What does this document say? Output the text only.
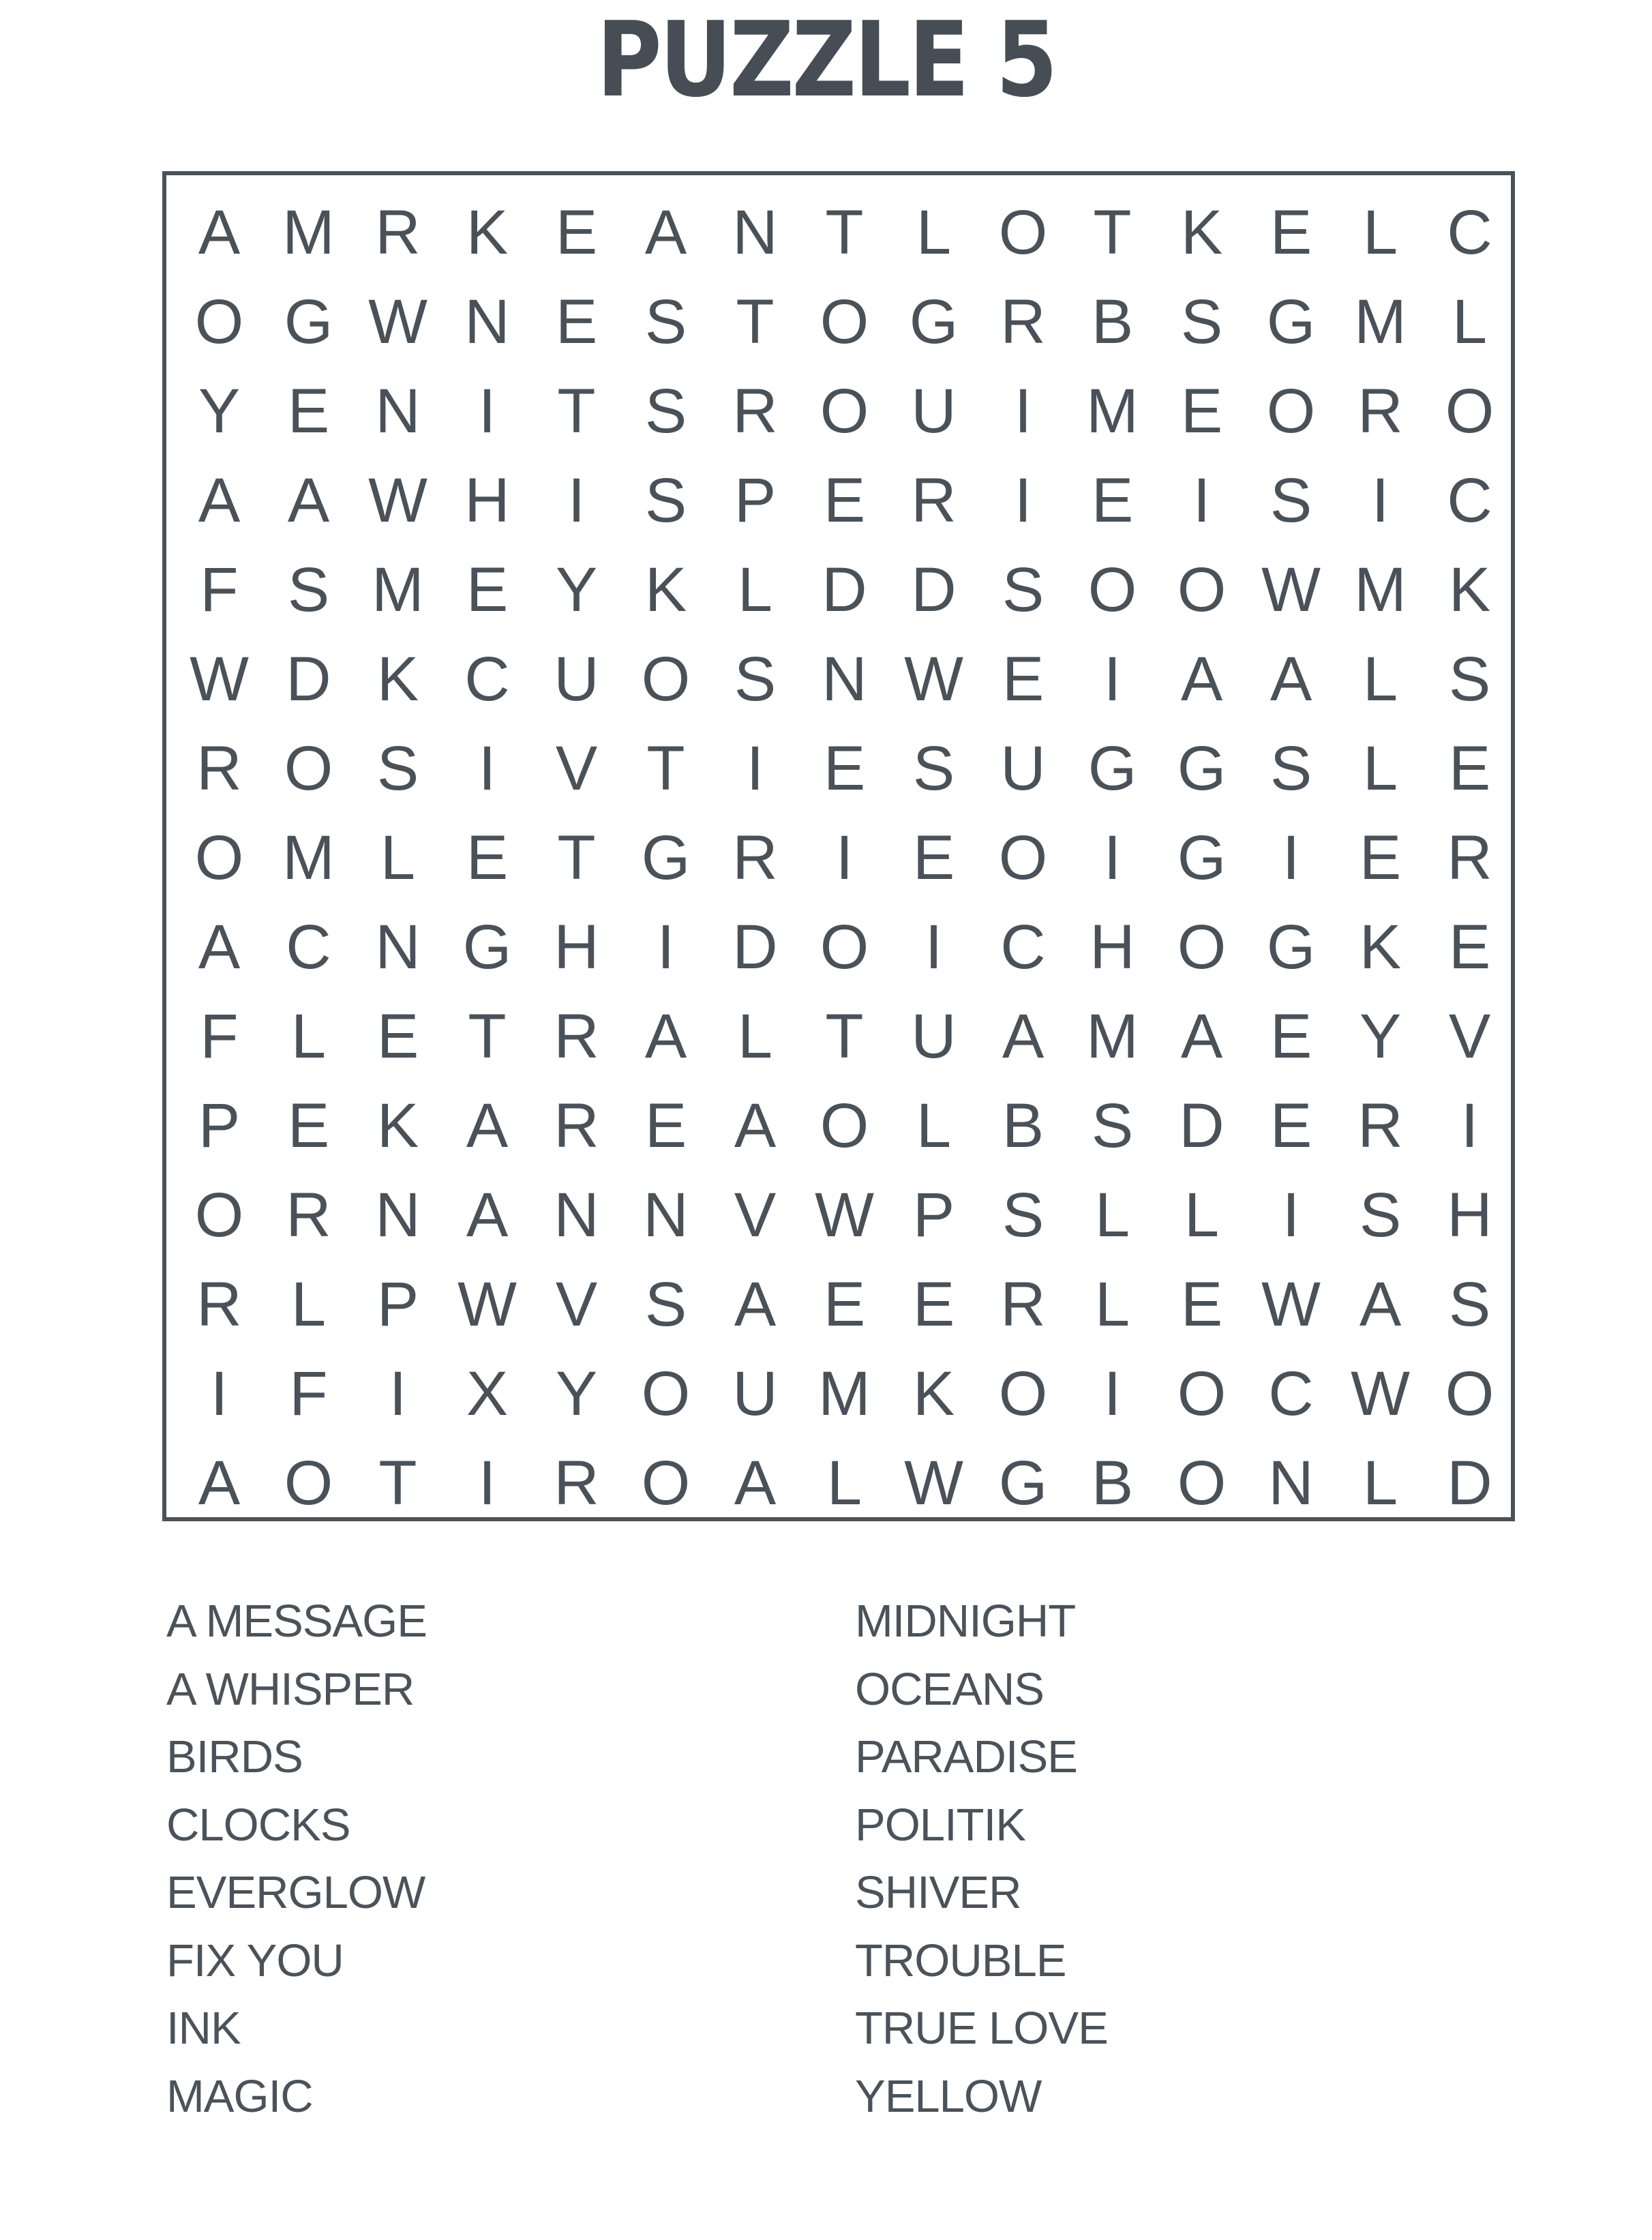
PUZZLE 5
A M R K E A N T L O T K E L C
O G W N E S T O G R B S G M L
Y E N I T S R O U I M E O R O
A A W H I S P E R I E I S I C
F S M E Y K L D D S O O W M K
W D K C U O S N W E I A A L S
R O S I V T I E S U G G S L E
O M L E T G R I E O I G I E R
A C N G H I D O I C H O G K E
F L E T R A L T U A M A E Y V
P E K A R E A O L B S D E R I
O R N A N N V W P S L L	I S H
R L P W V S A E E R L E W A S
I F I X Y O U M K O I O C W O
A O T I R O A L W G B O N L D
A MESSAGE
A WHISPER
BIRDS
CLOCKS
EVERGLOW
FIX YOU
INK
MAGIC
MIDNIGHT
OCEANS
PARADISE
POLITIK
SHIVER
TROUBLE
TRUE LOVE
YELLOW
